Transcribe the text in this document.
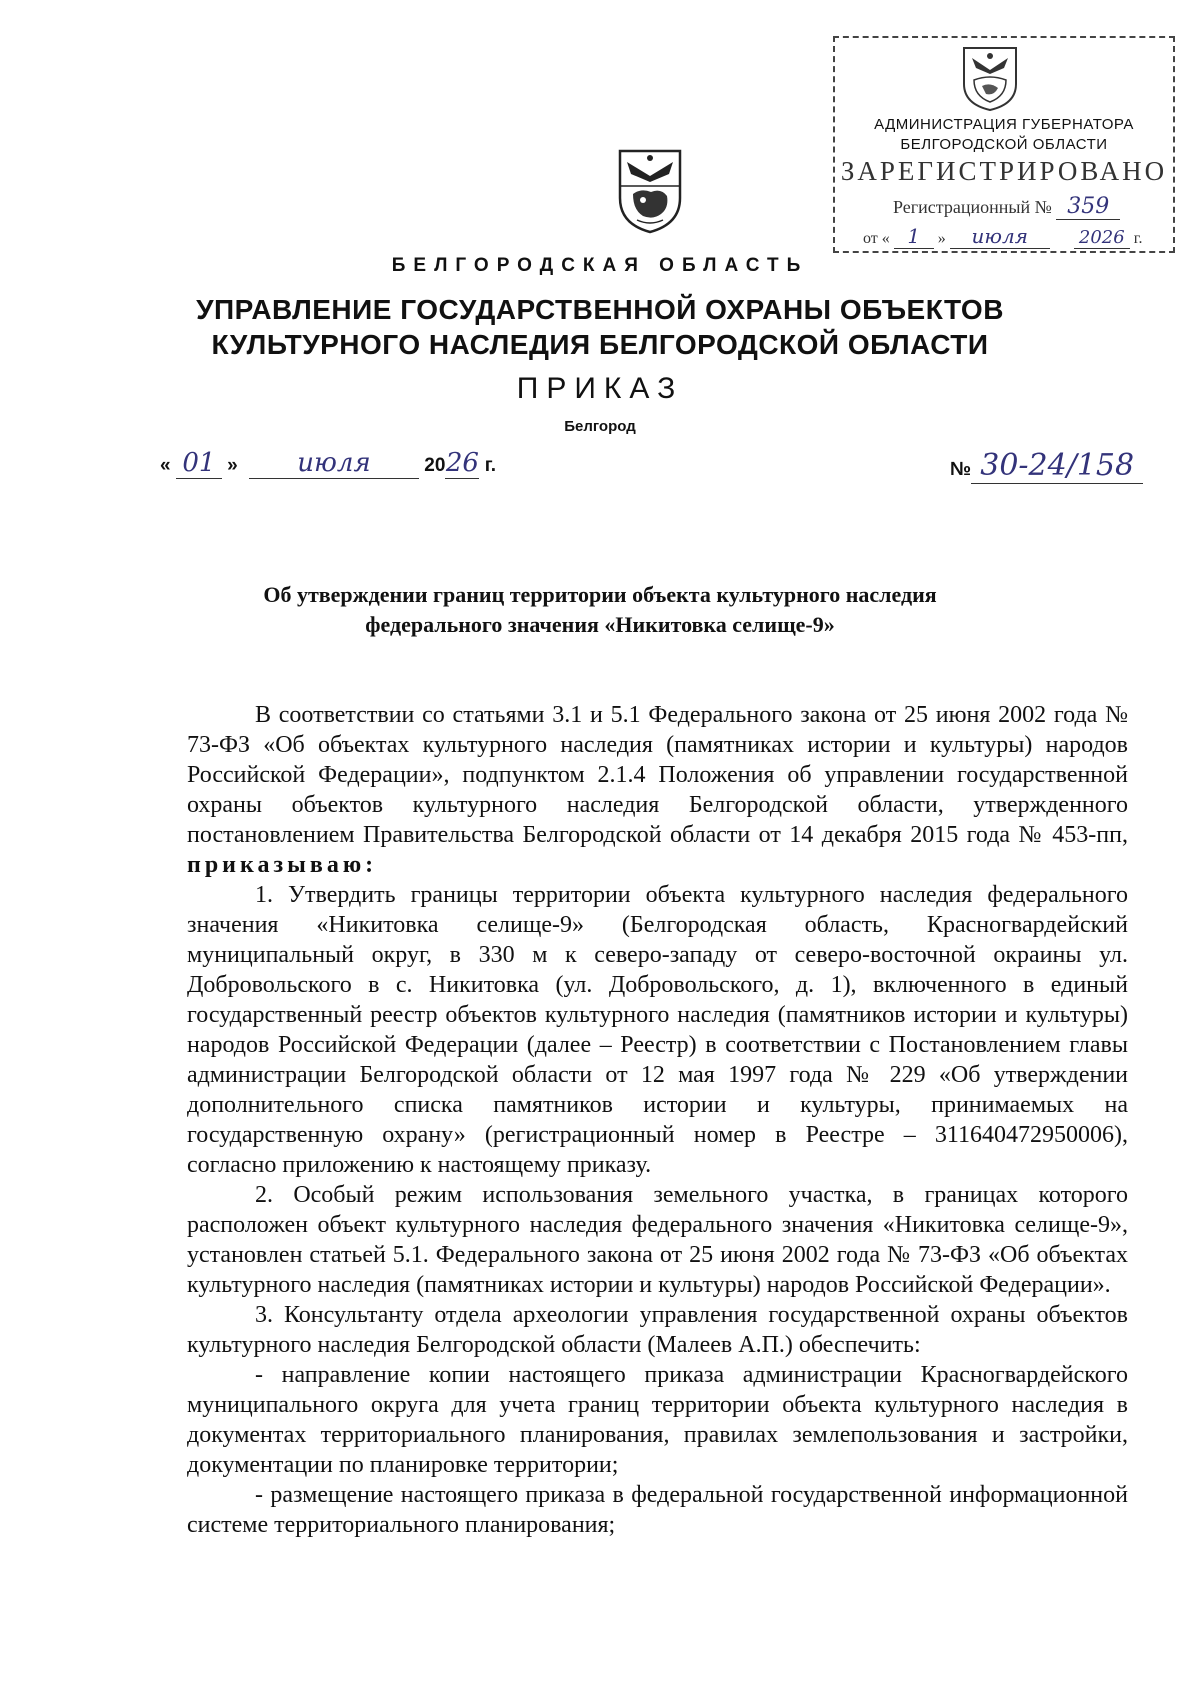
АДМИНИСТРАЦИЯ ГУБЕРНАТОРА
БЕЛГОРОДСКОЙ ОБЛАСТИ
ЗАРЕГИСТРИРОВАНО
Регистрационный № 359
от « 1 » июля	2026 г.
БЕЛГОРОДСКАЯ ОБЛАСТЬ
УПРАВЛЕНИЕ ГОСУДАРСТВЕННОЙ ОХРАНЫ ОБЪЕКТОВ
КУЛЬТУРНОГО НАСЛЕДИЯ БЕЛГОРОДСКОЙ ОБЛАСТИ
ПРИКАЗ
Белгород
« 01 » июля	2026 г.	№ 30-24/158
Об утверждении границ территории объекта культурного наследия
федерального значения «Никитовка селище-9»

В соответствии со статьями 3.1 и 5.1 Федерального закона от 25 июня 2002 года № 73-ФЗ «Об объектах культурного наследия (памятниках истории и культуры) народов Российской Федерации», подпунктом 2.1.4 Положения об управлении государственной охраны объектов культурного наследия Белгородской области, утвержденного постановлением Правительства Белгородской области от 14 декабря 2015 года № 453-пп, приказываю:

1. Утвердить границы территории объекта культурного наследия федерального значения «Никитовка селище-9» (Белгородская область, Красногвардейский муниципальный округ, в 330 м к северо-западу от северо-восточной окраины ул. Добровольского в с. Никитовка (ул. Добровольского, д. 1), включенного в единый государственный реестр объектов культурного наследия (памятников истории и культуры) народов Российской Федерации (далее – Реестр) в соответствии с Постановлением главы администрации Белгородской области от 12 мая 1997 года № 229 «Об утверждении дополнительного списка памятников истории и культуры, принимаемых на государственную охрану» (регистрационный номер в Реестре – 311640472950006), согласно приложению к настоящему приказу.

2. Особый режим использования земельного участка, в границах которого расположен объект культурного наследия федерального значения «Никитовка селище-9», установлен статьей 5.1. Федерального закона от 25 июня 2002 года № 73-ФЗ «Об объектах культурного наследия (памятниках истории и культуры) народов Российской Федерации».

3. Консультанту отдела археологии управления государственной охраны объектов культурного наследия Белгородской области (Малеев А.П.) обеспечить:

- направление копии настоящего приказа администрации Красногвардейского муниципального округа для учета границ территории объекта культурного наследия в документах территориального планирования, правилах землепользования и застройки, документации по планировке территории;

- размещение настоящего приказа в федеральной государственной информационной системе территориального планирования;
